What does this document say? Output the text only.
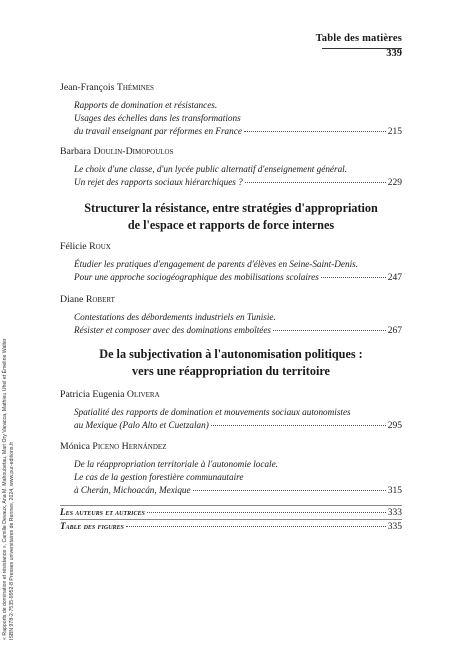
« Rapports de domination et résistance », Camille Devaux, Ana M. Mahoubetau, Mari Ory Varacca, Mathieu Uhel et Émeline Walter ISBN 978-2-7535-9952-8 Presses universitaires de Rennes, 2024, www.pur-editions.fr
Table des matières
339
Jean-François Thémines
Rapports de domination et résistances.
Usages des échelles dans les transformations
du travail enseignant par réformes en France	215
Barbara Doulin-Dimopoulos
Le choix d'une classe, d'un lycée public alternatif d'enseignement général.
Un rejet des rapports sociaux hiérarchiques ?	229
Structurer la résistance, entre stratégies d'appropriation
de l'espace et rapports de force internes
Félicie Roux
Étudier les pratiques d'engagement de parents d'élèves en Seine-Saint-Denis.
Pour une approche sociogéographique des mobilisations scolaires	247
Diane Robert
Contestations des débordements industriels en Tunisie.
Résister et composer avec des dominations emboîtées	267
De la subjectivation à l'autonomisation politiques :
vers une réappropriation du territoire
Patricia Eugenia Olivera
Spatialité des rapports de domination et mouvements sociaux autonomistes
au Mexique (Palo Alto et Cuetzalan)	295
Mónica Piceno Hernández
De la réappropriation territoriale à l'autonomie locale.
Le cas de la gestion forestière communautaire
à Cherán, Michoacán, Mexique	315
Les auteurs et autrices	333
Table des figures	335
